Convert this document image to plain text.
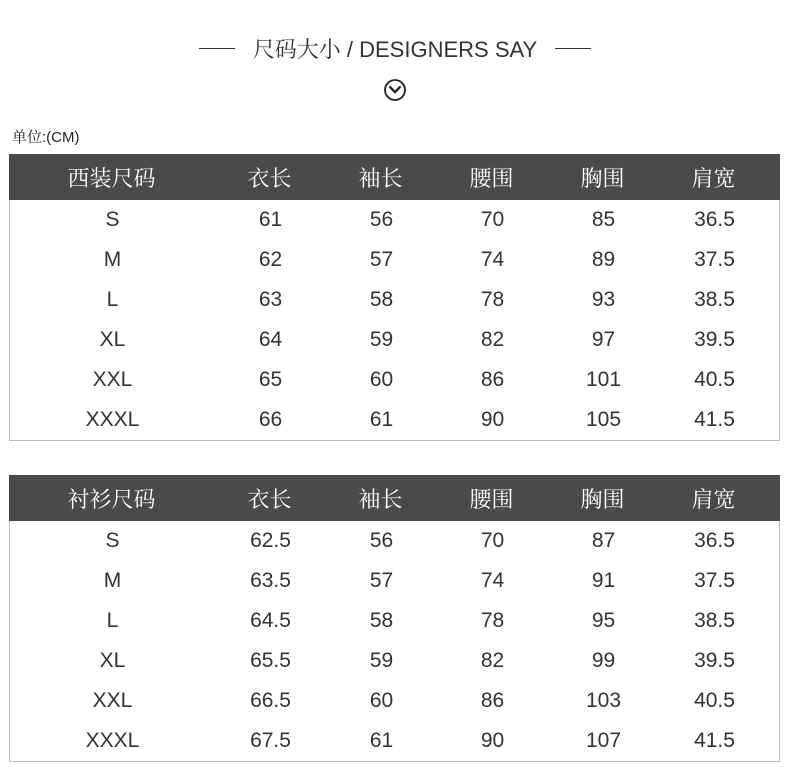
尺码大小 / DESIGNERS SAY
单位:(CM)
西装尺码	衣长	袖长	腰围	胸围	肩宽
S	61	56	70	85	36.5
M	62	57	74	89	37.5
L	63	58	78	93	38.5
XL	64	59	82	97	39.5
XXL	65	60	86	101	40.5
XXXL	66	61	90	105	41.5
衬衫尺码	衣长	袖长	腰围	胸围	肩宽
S	62.5	56	70	87	36.5
M	63.5	57	74	91	37.5
L	64.5	58	78	95	38.5
XL	65.5	59	82	99	39.5
XXL	66.5	60	86	103	40.5
XXXL	67.5	61	90	107	41.5
